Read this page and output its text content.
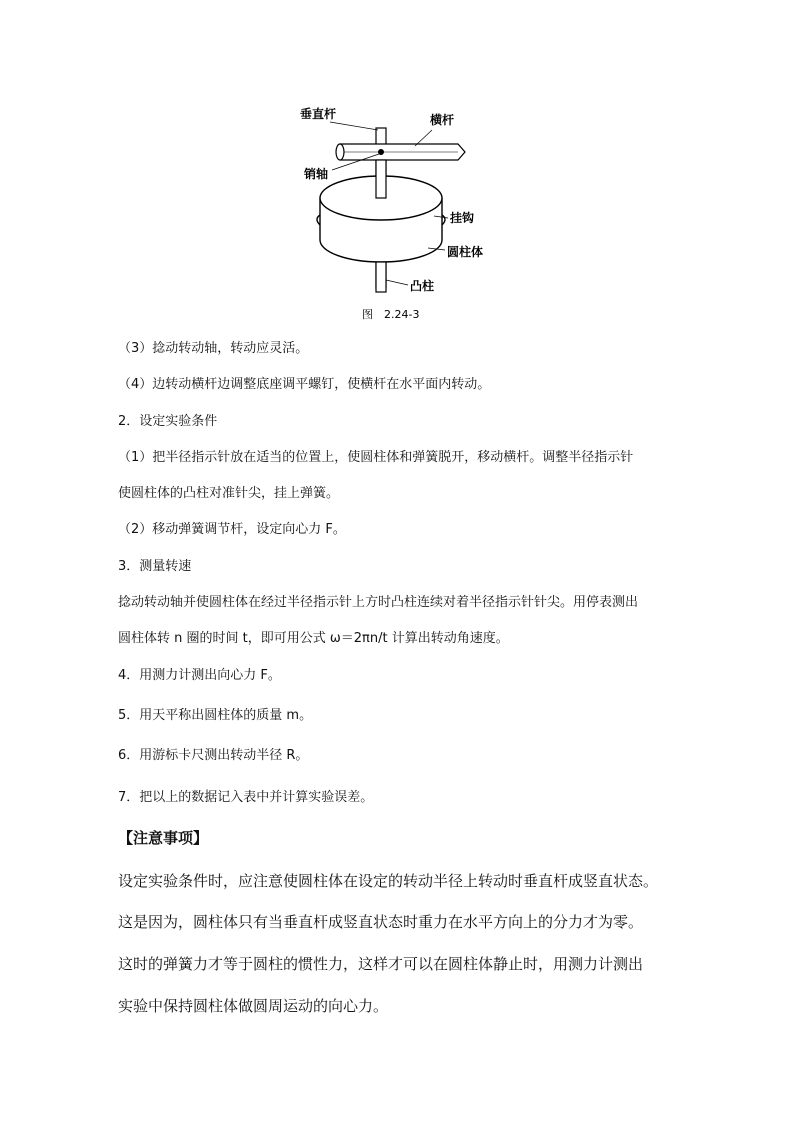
垂直杆	横杆
销轴
挂钩
圆柱体
凸柱
图　2.24-3
（3）捻动转动轴，转动应灵活。
（4）边转动横杆边调整底座调平螺钉，使横杆在水平面内转动。
2．设定实验条件
（1）把半径指示针放在适当的位置上，使圆柱体和弹簧脱开，移动横杆。调整半径指示针
使圆柱体的凸柱对准针尖，挂上弹簧。
（2）移动弹簧调节杆，设定向心力 F。
3．测量转速
捻动转动轴并使圆柱体在经过半径指示针上方时凸柱连续对着半径指示针针尖。用停表测出
圆柱体转 n 圈的时间 t，即可用公式 ω＝2πn/t 计算出转动角速度。
4．用测力计测出向心力 F。
5．用天平称出圆柱体的质量 m。
6．用游标卡尺测出转动半径 R。
7．把以上的数据记入表中并计算实验误差。
【注意事项】
设定实验条件时，应注意使圆柱体在设定的转动半径上转动时垂直杆成竖直状态。
这是因为，圆柱体只有当垂直杆成竖直状态时重力在水平方向上的分力才为零。
这时的弹簧力才等于圆柱的惯性力，这样才可以在圆柱体静止时，用测力计测出
实验中保持圆柱体做圆周运动的向心力。
